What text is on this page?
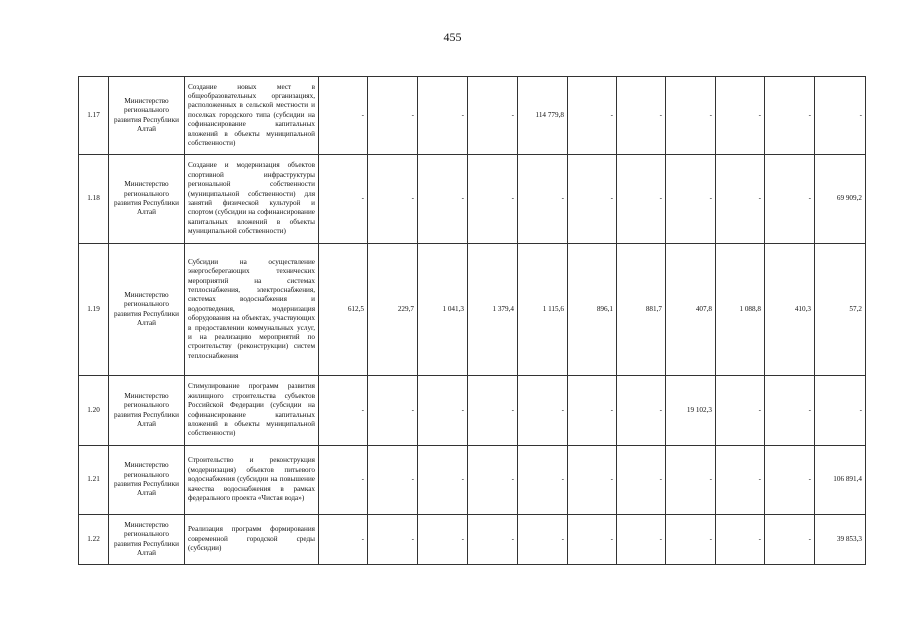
455
1.17	Министерство регионального развития Республики Алтай	Создание новых мест в общеобразовательных организациях, расположенных в сельской местности и поселках городского типа (субсидии на софинансирование капитальных вложений в объекты муниципальной собственности)	-	-	-	-	114 779,8	-	-	-	-	-	-
1.18	Министерство регионального развития Республики Алтай	Создание и модернизация объектов спортивной инфраструктуры региональной собственности (муниципальной собственности) для занятий физической культурой и спортом (субсидии на софинансирование капитальных вложений в объекты муниципальной собственности)	-	-	-	-	-	-	-	-	-	-	69 909,2
1.19	Министерство регионального развития Республики Алтай	Субсидии на осуществление энергосберегающих технических мероприятий на системах теплоснабжения, электроснабжения, системах водоснабжения и водоотведения, модернизация оборудования на объектах, участвующих в предоставлении коммунальных услуг, и на реализацию мероприятий по строительству (реконструкции) систем теплоснабжения	612,5	229,7	1 041,3	1 379,4	1 115,6	896,1	881,7	407,8	1 088,8	410,3	57,2
1.20	Министерство регионального развития Республики Алтай	Стимулирование программ развития жилищного строительства субъектов Российской Федерации (субсидии на софинансирование капитальных вложений в объекты муниципальной собственности)	-	-	-	-	-	-	-	19 102,3	-	-	-
1.21	Министерство регионального развития Республики Алтай	Строительство и реконструкция (модернизация) объектов питьевого водоснабжения (субсидии на повышение качества водоснабжения в рамках федерального проекта «Чистая вода»)	-	-	-	-	-	-	-	-	-	-	106 891,4
1.22	Министерство регионального развития Республики Алтай	Реализация программ формирования современной городской среды (субсидии)	-	-	-	-	-	-	-	-	-	-	39 853,3
